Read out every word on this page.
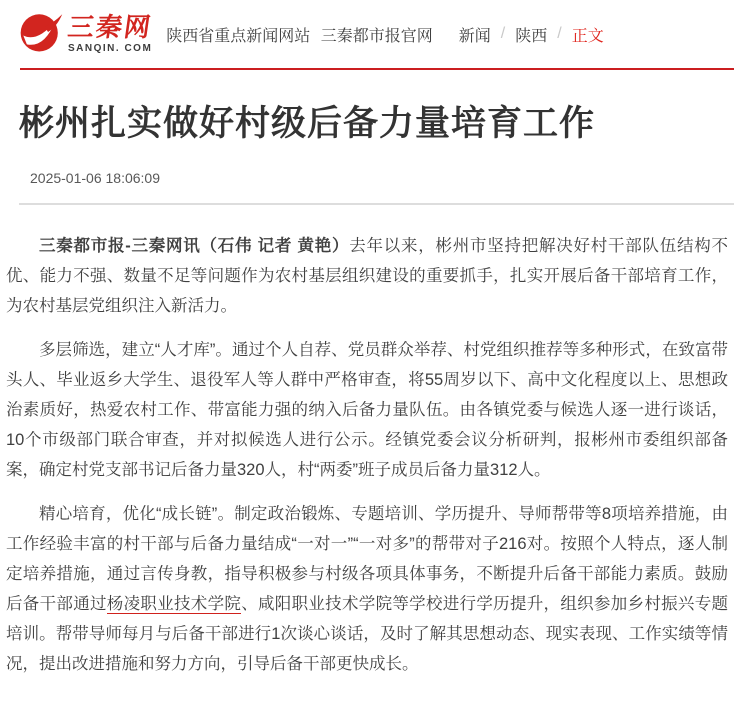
三秦网
SANQIN. COM
陕西省重点新闻网站 三秦都市报官网 新闻 / 陕西 / 正文
彬州扎实做好村级后备力量培育工作
2025-01-06 18:06:09

三秦都市报-三秦网讯（石伟 记者 黄艳）去年以来，彬州市坚持把解决好村干部队伍结构不优、能力不强、数量不足等问题作为农村基层组织建设的重要抓手，扎实开展后备干部培育工作，为农村基层党组织注入新活力。

多层筛选，建立“人才库”。通过个人自荐、党员群众举荐、村党组织推荐等多种形式，在致富带头人、毕业返乡大学生、退役军人等人群中严格审查，将55周岁以下、高中文化程度以上、思想政治素质好，热爱农村工作、带富能力强的纳入后备力量队伍。由各镇党委与候选人逐一进行谈话，10个市级部门联合审查，并对拟候选人进行公示。经镇党委会议分析研判，报彬州市委组织部备案，确定村党支部书记后备力量320人，村“两委”班子成员后备力量312人。

精心培育，优化“成长链”。制定政治锻炼、专题培训、学历提升、导师帮带等8项培养措施，由工作经验丰富的村干部与后备力量结成“一对一”“一对多”的帮带对子216对。按照个人特点，逐人制定培养措施，通过言传身教，指导积极参与村级各项具体事务，不断提升后备干部能力素质。鼓励后备干部通过杨凌职业技术学院、咸阳职业技术学院等学校进行学历提升，组织参加乡村振兴专题培训。帮带导师每月与后备干部进行1次谈心谈话，及时了解其思想动态、现实表现、工作实绩等情况，提出改进措施和努力方向，引导后备干部更快成长。
